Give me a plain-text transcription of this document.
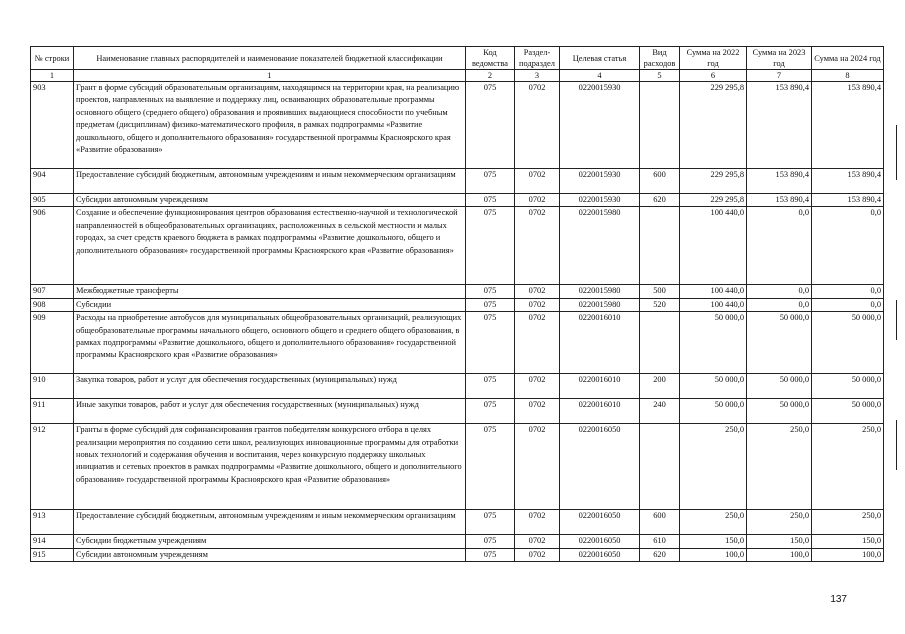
№ строки	Наименование главных распорядителей и наименование показателей бюджетной классификации	Код ведомства	Раздел-подраздел	Целевая статья	Вид расходов	Сумма на 2022 год	Сумма на 2023 год	Сумма на 2024 год
1	1	2	3	4	5	6	7	8
903	Грант в форме субсидий образовательным организациям, находящимся на территории края, на реализацию проектов, направленных на выявление и поддержку лиц, осваивающих образовательные программы основного общего (среднего общего) образования и проявивших выдающиеся способности по учебным предметам (дисциплинам) физико-математического профиля, в рамках подпрограммы «Развитие дошкольного, общего и дополнительного образования» государственной программы Красноярского края «Развитие образования»	075	0702	0220015930		229 295,8	153 890,4	153 890,4
904	Предоставление субсидий бюджетным, автономным учреждениям и иным некоммерческим организациям	075	0702	0220015930	600	229 295,8	153 890,4	153 890,4
905	Субсидии автономным учреждениям	075	0702	0220015930	620	229 295,8	153 890,4	153 890,4
906	Создание и обеспечение функционирования центров образования естественно-научной и технологической направленностей в общеобразовательных организациях, расположенных в сельской местности и малых городах, за счет средств краевого бюджета в рамках подпрограммы «Развитие дошкольного, общего и дополнительного образования» государственной программы Красноярского края «Развитие образования»	075	0702	0220015980		100 440,0	0,0	0,0
907	Межбюджетные трансферты	075	0702	0220015980	500	100 440,0	0,0	0,0
908	Субсидии	075	0702	0220015980	520	100 440,0	0,0	0,0
909	Расходы на приобретение автобусов для муниципальных общеобразовательных организаций, реализующих общеобразовательные программы начального общего, основного общего и среднего общего образования, в рамках подпрограммы «Развитие дошкольного, общего и дополнительного образования» государственной программы Красноярского края «Развитие образования»	075	0702	0220016010		50 000,0	50 000,0	50 000,0
910	Закупка товаров, работ и услуг для обеспечения государственных (муниципальных) нужд	075	0702	0220016010	200	50 000,0	50 000,0	50 000,0
911	Иные закупки товаров, работ и услуг для обеспечения государственных (муниципальных) нужд	075	0702	0220016010	240	50 000,0	50 000,0	50 000,0
912	Гранты в форме субсидий для софинансирования грантов победителям конкурсного отбора в целях реализации мероприятия по созданию сети школ, реализующих инновационные программы для отработки новых технологий и содержания обучения и воспитания, через конкурсную поддержку школьных инициатив и сетевых проектов в рамках подпрограммы «Развитие дошкольного, общего и дополнительного образования» государственной программы Красноярского края «Развитие образования»	075	0702	0220016050		250,0	250,0	250,0
913	Предоставление субсидий бюджетным, автономным учреждениям и иным некоммерческим организациям	075	0702	0220016050	600	250,0	250,0	250,0
914	Субсидии бюджетным учреждениям	075	0702	0220016050	610	150,0	150,0	150,0
915	Субсидии автономным учреждениям	075	0702	0220016050	620	100,0	100,0	100,0
137
